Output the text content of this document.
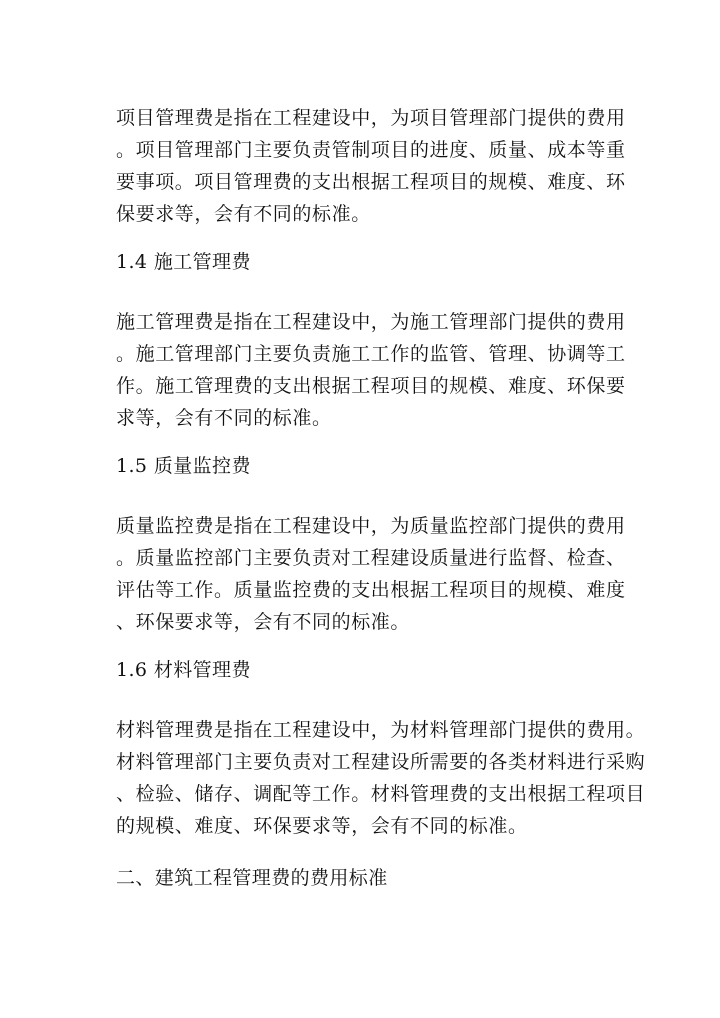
项目管理费是指在工程建设中，为项目管理部门提供的费用
。项目管理部门主要负责管制项目的进度、质量、成本等重
要事项。项目管理费的支出根据工程项目的规模、难度、环
保要求等，会有不同的标准。
1.4 施工管理费
施工管理费是指在工程建设中，为施工管理部门提供的费用
。施工管理部门主要负责施工工作的监管、管理、协调等工
作。施工管理费的支出根据工程项目的规模、难度、环保要
求等，会有不同的标准。
1.5 质量监控费
质量监控费是指在工程建设中，为质量监控部门提供的费用
。质量监控部门主要负责对工程建设质量进行监督、检查、
评估等工作。质量监控费的支出根据工程项目的规模、难度
、环保要求等，会有不同的标准。
1.6 材料管理费
材料管理费是指在工程建设中，为材料管理部门提供的费用。
材料管理部门主要负责对工程建设所需要的各类材料进行采购
、检验、储存、调配等工作。材料管理费的支出根据工程项目
的规模、难度、环保要求等，会有不同的标准。
二、建筑工程管理费的费用标准
